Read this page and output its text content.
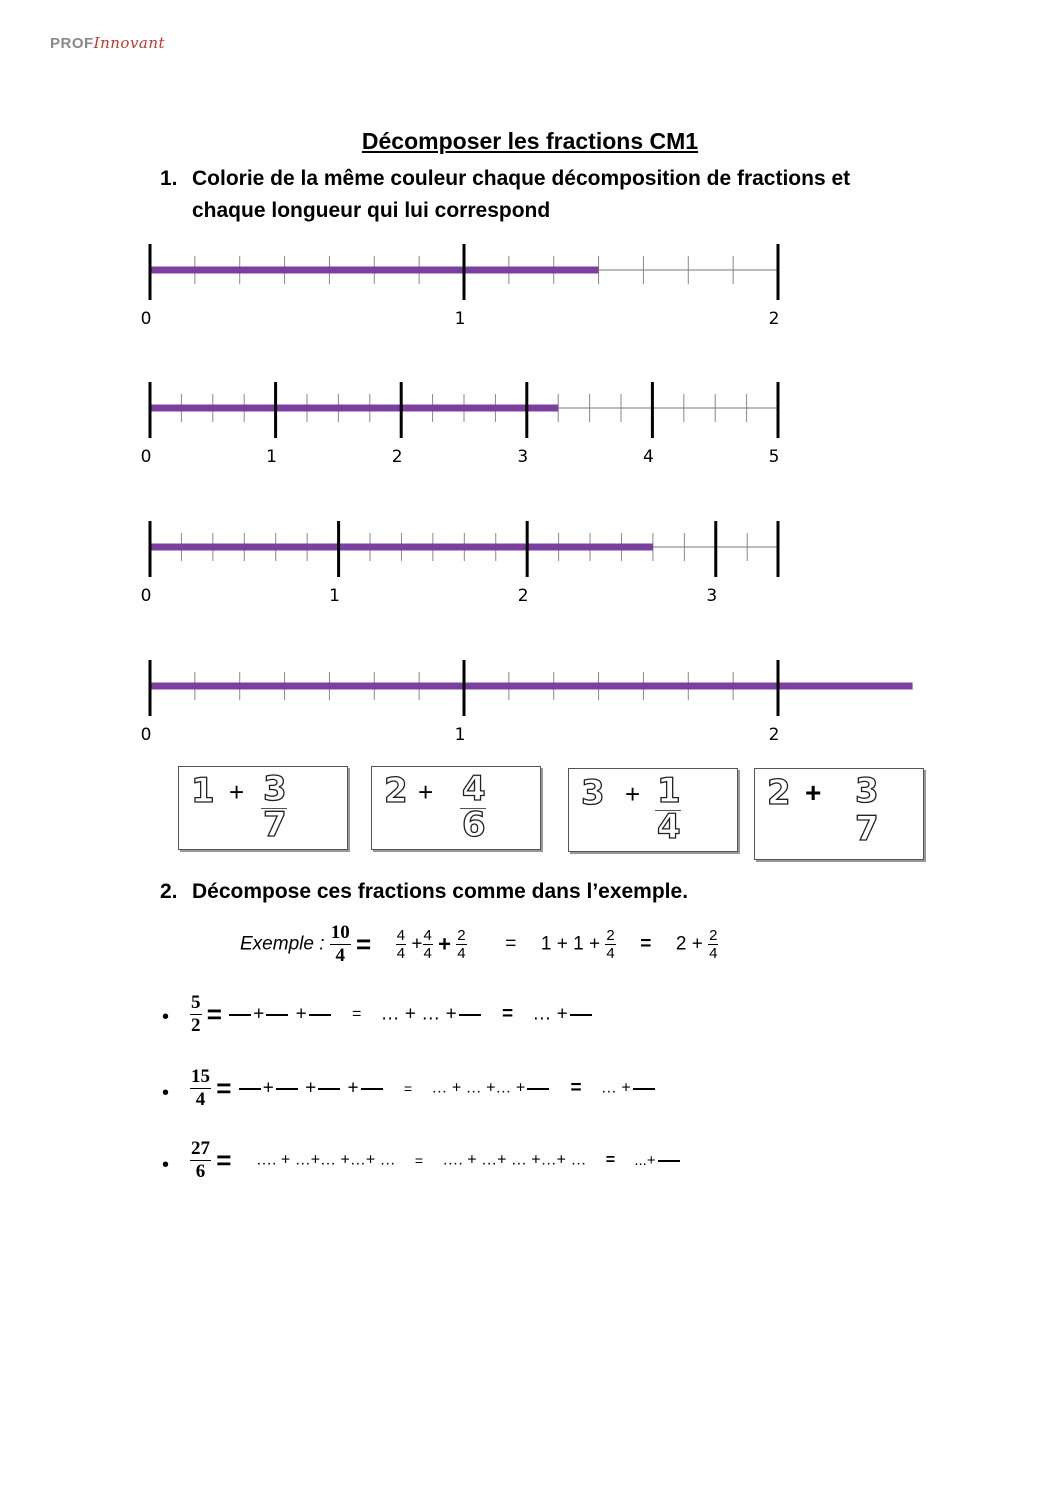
PROFInnovant
Décomposer les fractions CM1
1. Colorie de la même couleur chaque décomposition de fractions et chaque longueur qui lui correspond
0	1	2
0	1	2	3	4	5
0	1	2	3
0	1	2
1 + 3
7
2 + 4
6
3 + 1
4
2 + 3
7
2. Décompose ces fractions comme dans l’exemple.
Exemple : $\frac{10}{4} = \frac{4}{4} + \frac{4}{4} + \frac{2}{4} = 1 + 1 + \frac{2}{4} = 2 + \frac{2}{4}$
• $\frac{5}{2}$ = + +	= … + … + = … +
• $\frac{15}{4}$ = + + +	= … + … +… + = … +
• $\frac{27}{6}$ = …. + …+… +…+ … = …. + …+ … +…+ … = ...+
